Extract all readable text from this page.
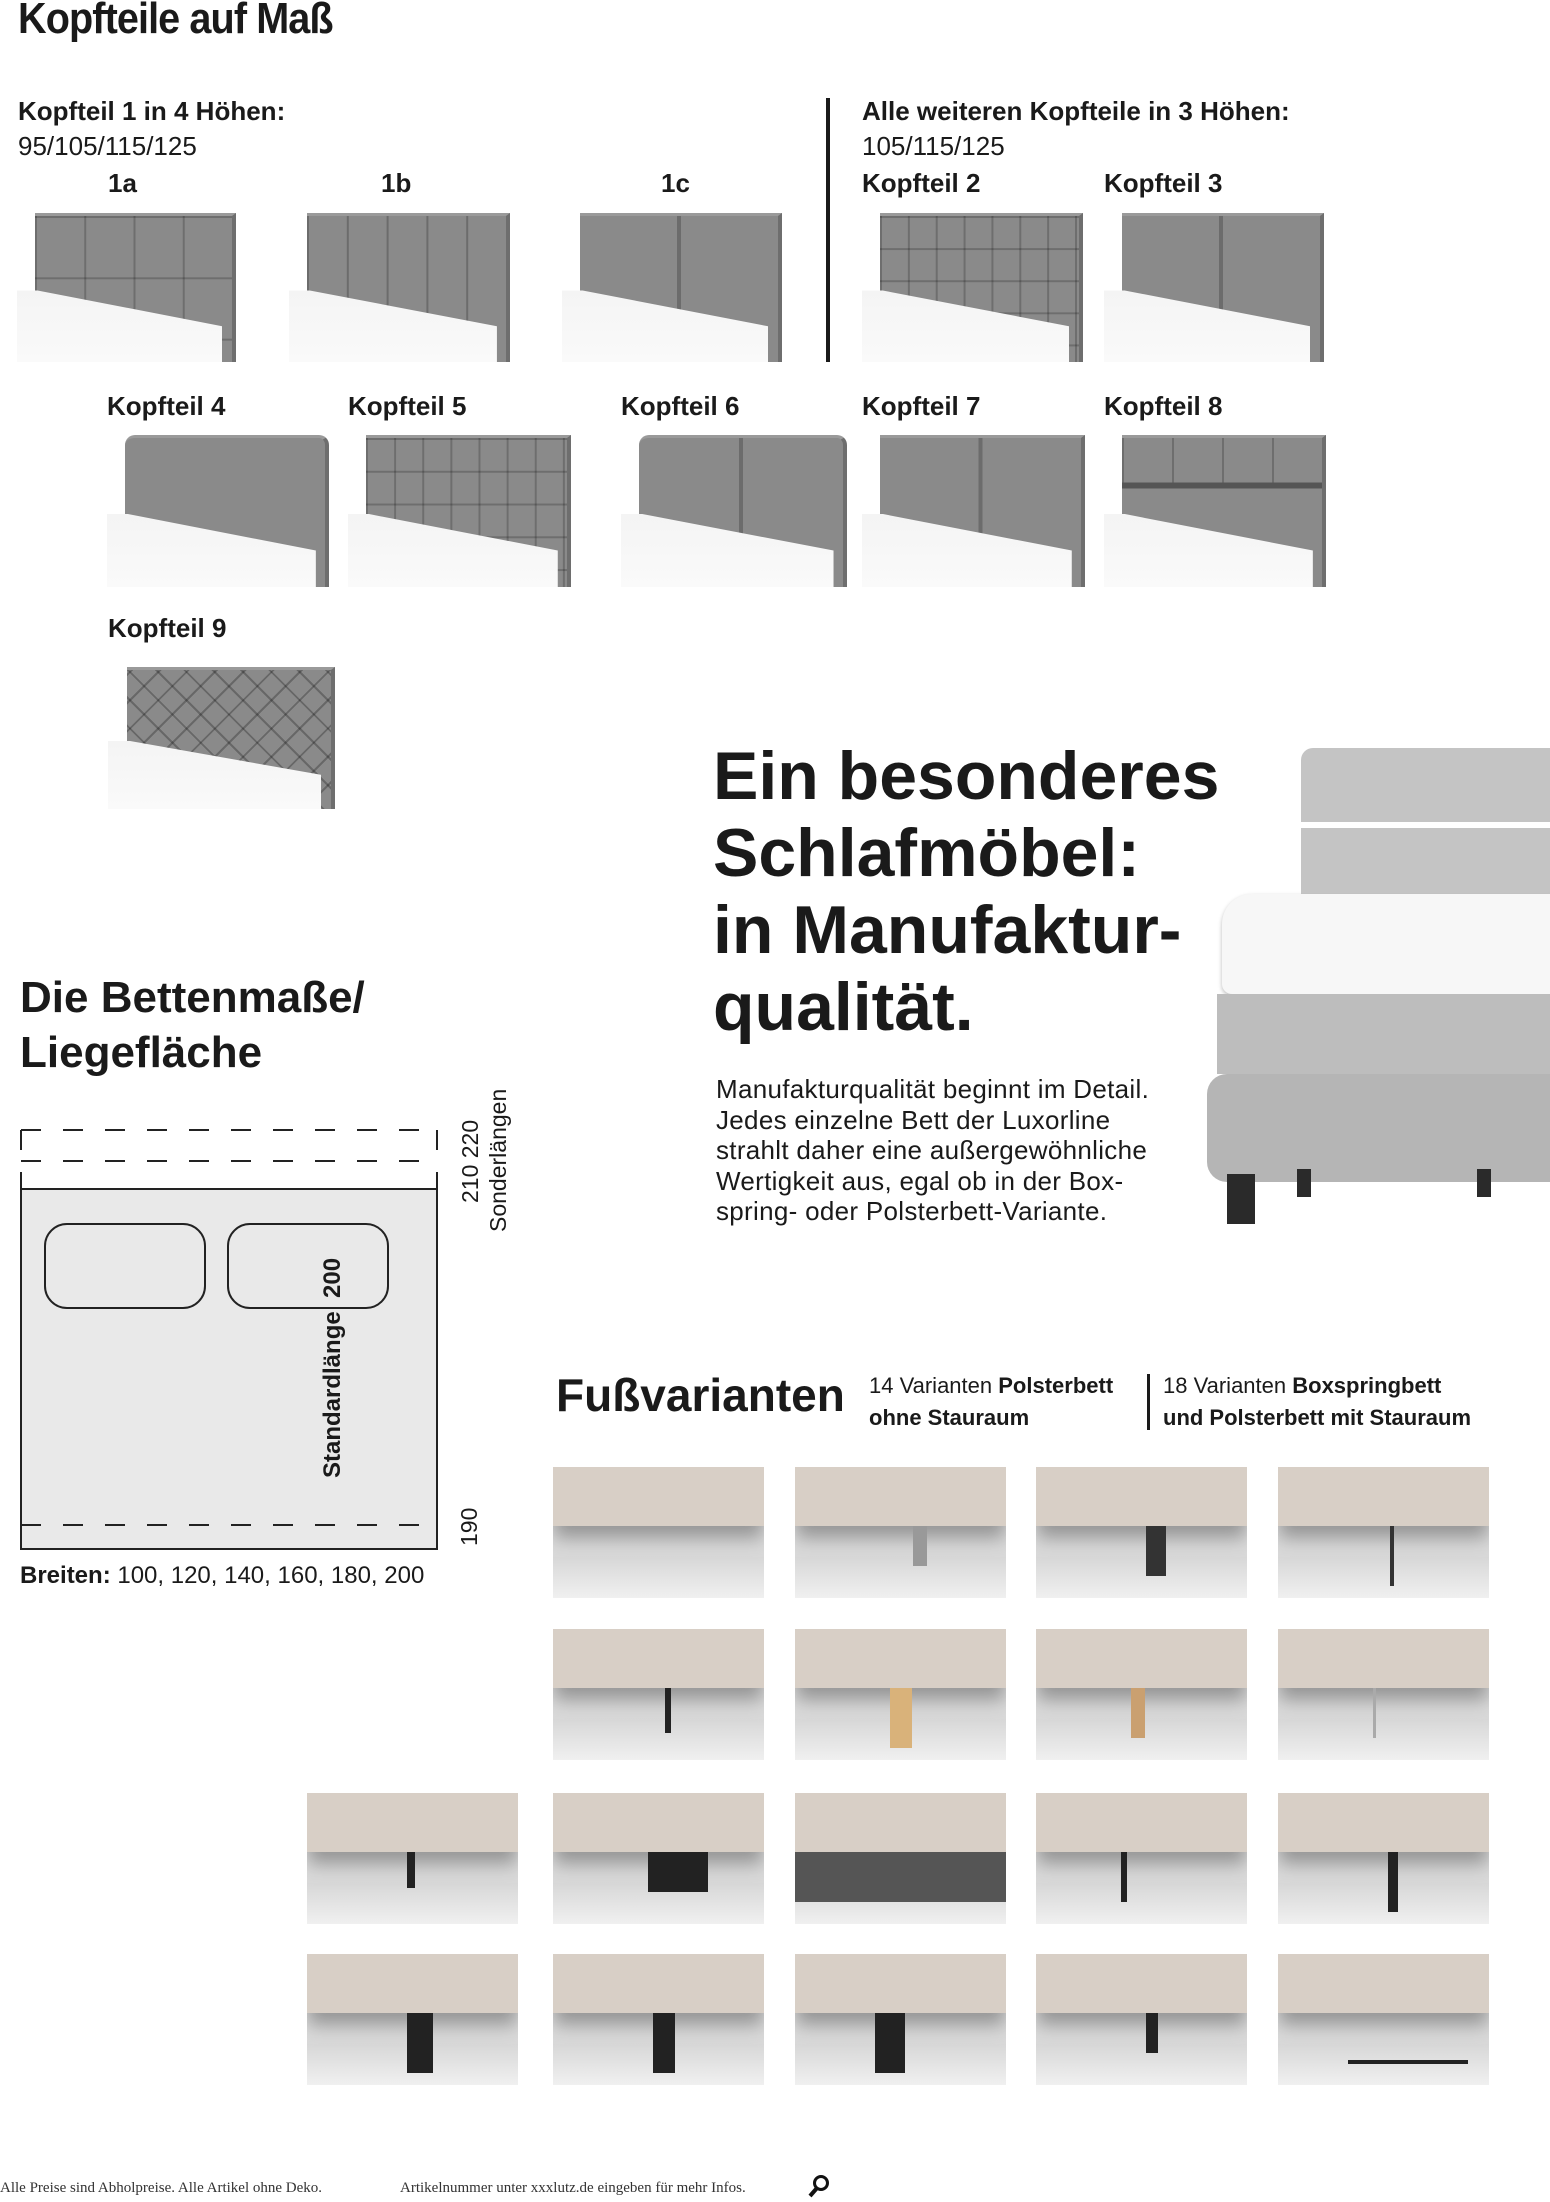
Kopfteile auf Maß
Kopfteil 1 in 4 Höhen:
95/105/115/125
Alle weiteren Kopfteile in 3 Höhen:
105/115/125
1a	1b	1c	Kopfteil 2	Kopfteil 3
Kopfteil 4	Kopfteil 5	Kopfteil 6	Kopfteil 7	Kopfteil 8
Kopfteil 9
Ein besonderes
Schlafmöbel:
in Manufaktur-
qualität.
Manufakturqualität beginnt im Detail.
Jedes einzelne Bett der Luxorline
strahlt daher eine außergewöhnliche
Wertigkeit aus, egal ob in der Box-
spring- oder Polsterbett-Variante.
Die Bettenmaße/
Liegefläche
Standardlänge  200
210 220 Sonderlängen
190
Breiten: 100, 120, 140, 160, 180, 200
Fußvarianten 14 Varianten Polsterbett
ohne Stauraum
18 Varianten Boxspringbett
und Polsterbett mit Stauraum
Alle Preise sind Abholpreise. Alle Artikel ohne Deko.	Artikelnummer unter xxxlutz.de eingeben für mehr Infos.
